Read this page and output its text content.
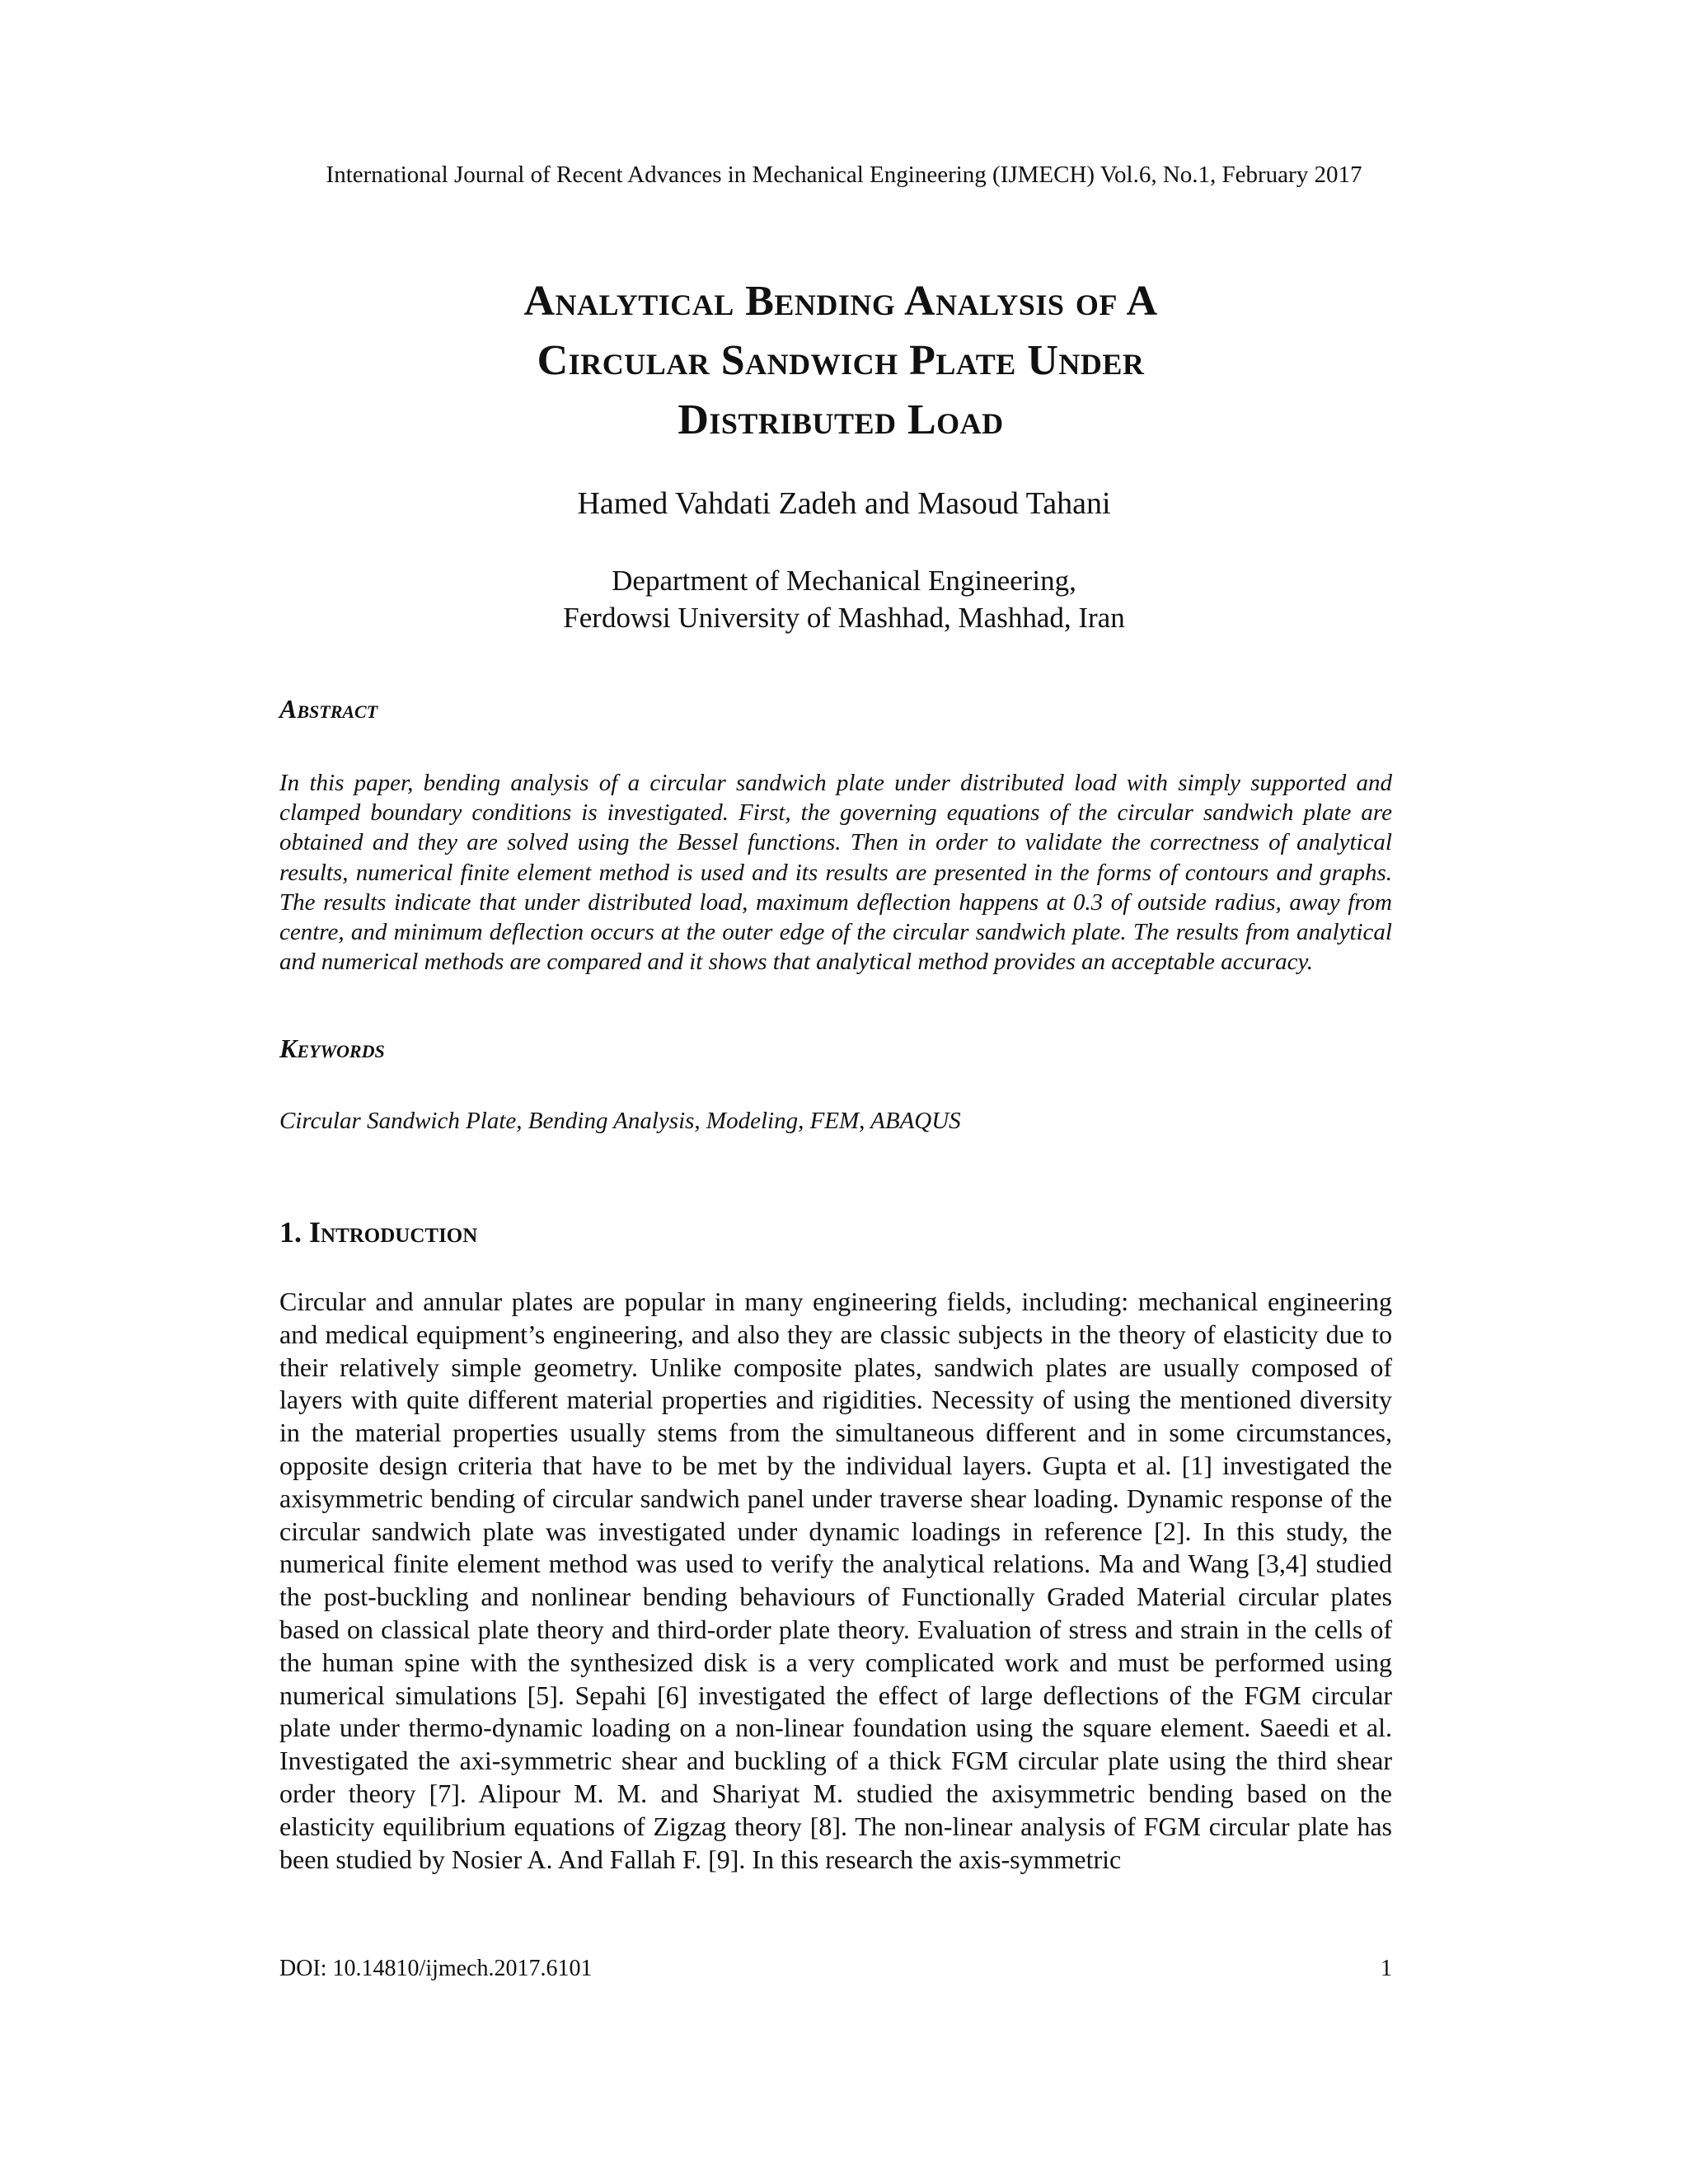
International Journal of Recent Advances in Mechanical Engineering (IJMECH) Vol.6, No.1, February 2017
Analytical Bending Analysis of A
Circular Sandwich Plate Under
Distributed Load
Hamed Vahdati Zadeh and Masoud Tahani
Department of Mechanical Engineering,
Ferdowsi University of Mashhad, Mashhad, Iran
Abstract

In this paper, bending analysis of a circular sandwich plate under distributed load with simply supported and clamped boundary conditions is investigated. First, the governing equations of the circular sandwich plate are obtained and they are solved using the Bessel functions. Then in order to validate the correctness of analytical results, numerical finite element method is used and its results are presented in the forms of contours and graphs. The results indicate that under distributed load, maximum deflection happens at 0.3 of outside radius, away from centre, and minimum deflection occurs at the outer edge of the circular sandwich plate. The results from analytical and numerical methods are compared and it shows that analytical method provides an acceptable accuracy.

Keywords

Circular Sandwich Plate, Bending Analysis, Modeling, FEM, ABAQUS

1. Introduction

Circular and annular plates are popular in many engineering fields, including: mechanical engineering and medical equipment’s engineering, and also they are classic subjects in the theory of elasticity due to their relatively simple geometry. Unlike composite plates, sandwich plates are usually composed of layers with quite different material properties and rigidities. Necessity of using the mentioned diversity in the material properties usually stems from the simultaneous different and in some circumstances, opposite design criteria that have to be met by the individual layers. Gupta et al. [1] investigated the axisymmetric bending of circular sandwich panel under traverse shear loading. Dynamic response of the circular sandwich plate was investigated under dynamic loadings in reference [2]. In this study, the numerical finite element method was used to verify the analytical relations. Ma and Wang [3,4] studied the post-buckling and nonlinear bending behaviours of Functionally Graded Material circular plates based on classical plate theory and third-order plate theory. Evaluation of stress and strain in the cells of the human spine with the synthesized disk is a very complicated work and must be performed using numerical simulations [5]. Sepahi [6] investigated the effect of large deflections of the FGM circular plate under thermo-dynamic loading on a non-linear foundation using the square element. Saeedi et al. Investigated the axi-symmetric shear and buckling of a thick FGM circular plate using the third shear order theory [7]. Alipour M. M. and Shariyat M. studied the axisymmetric bending based on the elasticity equilibrium equations of Zigzag theory [8]. The non-linear analysis of FGM circular plate has been studied by Nosier A. And Fallah F. [9]. In this research the axis-symmetric

DOI: 10.14810/ijmech.2017.6101	1
